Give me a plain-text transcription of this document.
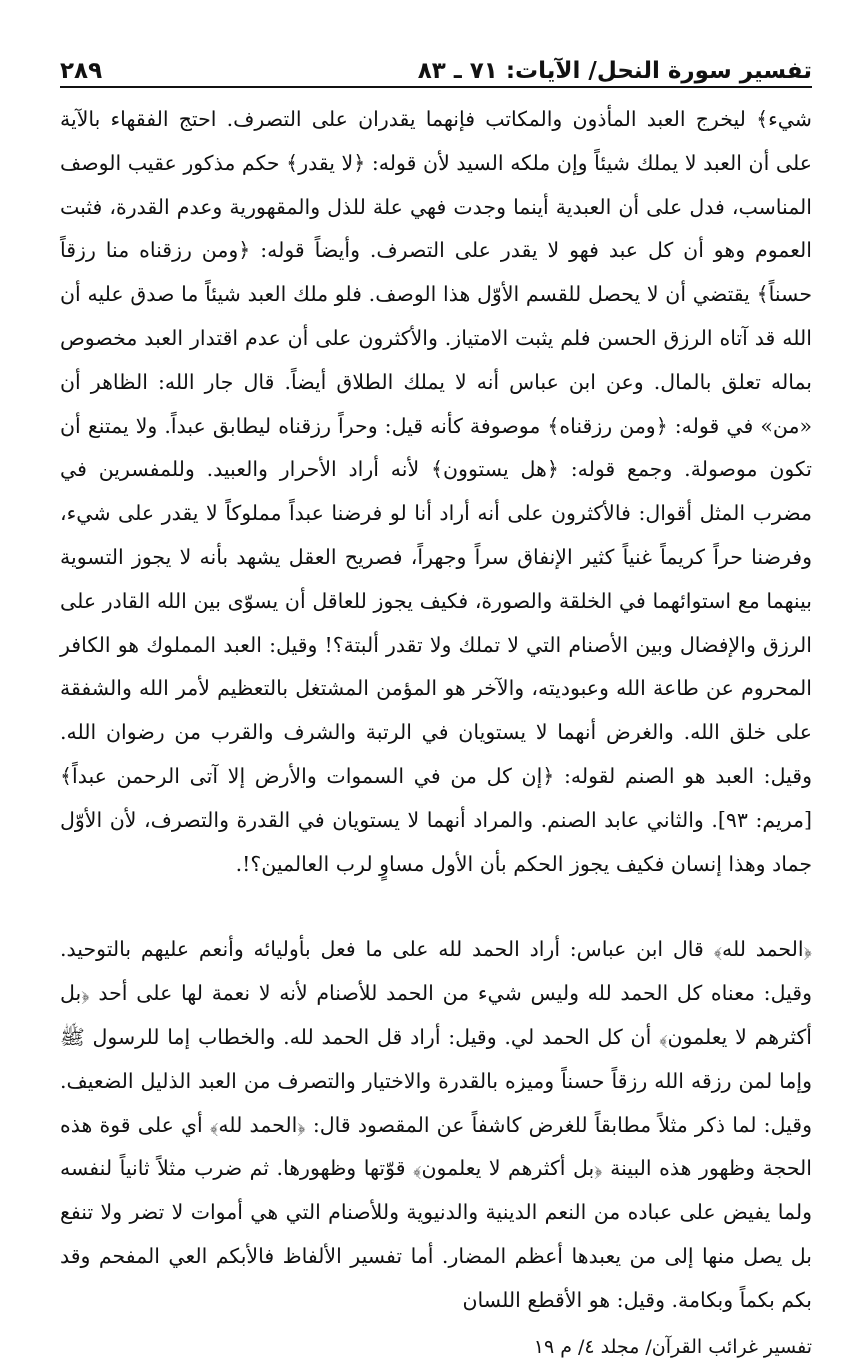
تفسير سورة النحل/ الآيات: ٧١ ـ ٨٣
٢٨٩

شيء﴾ ليخرج العبد المأذون والمكاتب فإنهما يقدران على التصرف. احتج الفقهاء بالآية على أن العبد لا يملك شيئاً وإن ملكه السيد لأن قوله: ﴿لا يقدر﴾ حكم مذكور عقيب الوصف المناسب، فدل على أن العبدية أينما وجدت فهي علة للذل والمقهورية وعدم القدرة، فثبت العموم وهو أن كل عبد فهو لا يقدر على التصرف. وأيضاً قوله: ﴿ومن رزقناه منا رزقاً حسناً﴾ يقتضي أن لا يحصل للقسم الأوّل هذا الوصف. فلو ملك العبد شيئاً ما صدق عليه أن الله قد آتاه الرزق الحسن فلم يثبت الامتياز. والأكثرون على أن عدم اقتدار العبد مخصوص بماله تعلق بالمال. وعن ابن عباس أنه لا يملك الطلاق أيضاً. قال جار الله: الظاهر أن «من» في قوله: ﴿ومن رزقناه﴾ موصوفة كأنه قيل: وحراً رزقناه ليطابق عبداً. ولا يمتنع أن تكون موصولة. وجمع قوله: ﴿هل يستوون﴾ لأنه أراد الأحرار والعبيد. وللمفسرين في مضرب المثل أقوال: فالأكثرون على أنه أراد أنا لو فرضنا عبداً مملوكاً لا يقدر على شيء، وفرضنا حراً كريماً غنياً كثير الإنفاق سراً وجهراً، فصريح العقل يشهد بأنه لا يجوز التسوية بينهما مع استوائهما في الخلقة والصورة، فكيف يجوز للعاقل أن يسوّى بين الله القادر على الرزق والإفضال وبين الأصنام التي لا تملك ولا تقدر ألبتة؟! وقيل: العبد المملوك هو الكافر المحروم عن طاعة الله وعبوديته، والآخر هو المؤمن المشتغل بالتعظيم لأمر الله والشفقة على خلق الله. والغرض أنهما لا يستويان في الرتبة والشرف والقرب من رضوان الله. وقيل: العبد هو الصنم لقوله: ﴿إن كل من في السموات والأرض إلا آتى الرحمن عبداً﴾ [مريم: ٩٣]. والثاني عابد الصنم. والمراد أنهما لا يستويان في القدرة والتصرف، لأن الأوّل جماد وهذا إنسان فكيف يجوز الحكم بأن الأول مساوٍ لرب العالمين؟!.

﴿الحمد لله﴾ قال ابن عباس: أراد الحمد لله على ما فعل بأوليائه وأنعم عليهم بالتوحيد. وقيل: معناه كل الحمد لله وليس شيء من الحمد للأصنام لأنه لا نعمة لها على أحد ﴿بل أكثرهم لا يعلمون﴾ أن كل الحمد لي. وقيل: أراد قل الحمد لله. والخطاب إما للرسول ﷺ وإما لمن رزقه الله رزقاً حسناً وميزه بالقدرة والاختيار والتصرف من العبد الذليل الضعيف. وقيل: لما ذكر مثلاً مطابقاً للغرض كاشفاً عن المقصود قال: ﴿الحمد لله﴾ أي على قوة هذه الحجة وظهور هذه البينة ﴿بل أكثرهم لا يعلمون﴾ قوّتها وظهورها. ثم ضرب مثلاً ثانياً لنفسه ولما يفيض على عباده من النعم الدينية والدنيوية وللأصنام التي هي أموات لا تضر ولا تنفع بل يصل منها إلى من يعبدها أعظم المضار. أما تفسير الألفاظ فالأبكم العي المفحم وقد بكم بكماً وبكامة. وقيل: هو الأقطع اللسان

تفسير غرائب القرآن/ مجلد ٤/ م ١٩
